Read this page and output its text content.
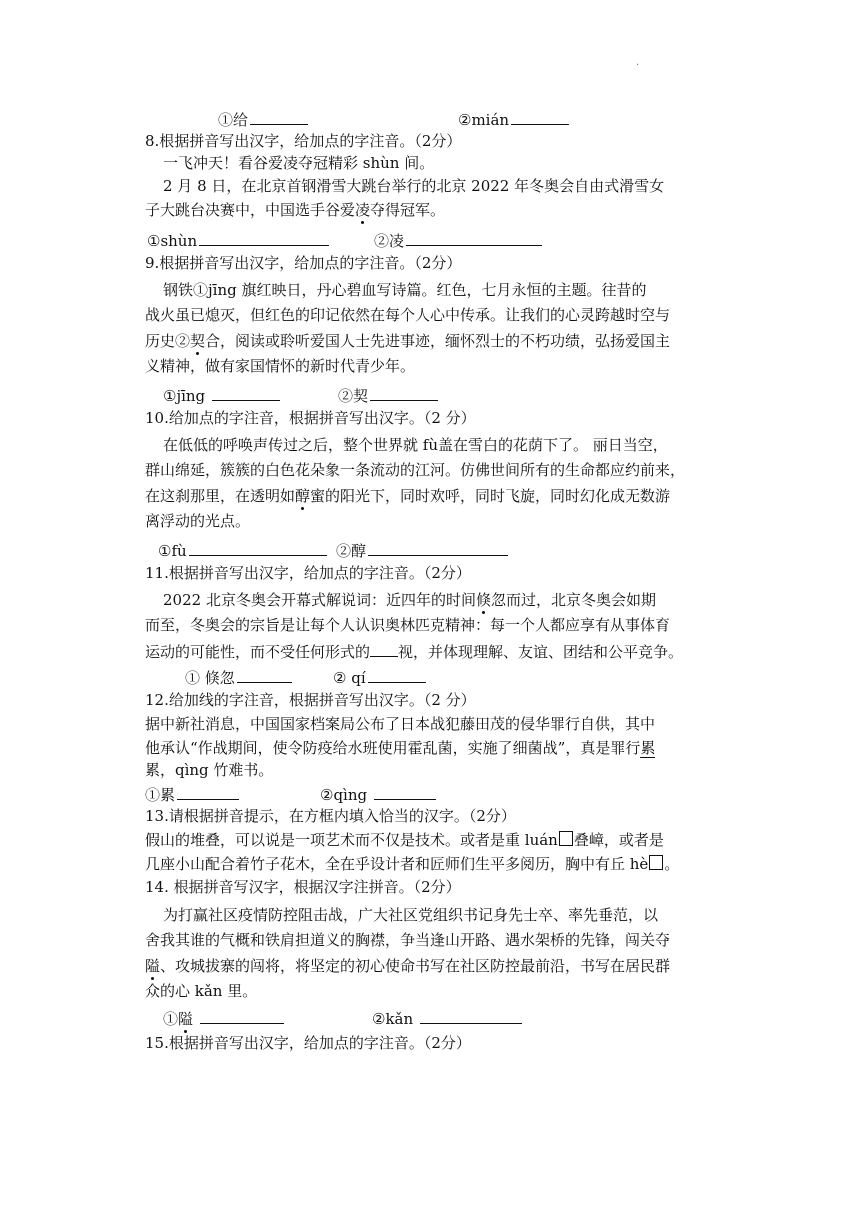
·
①给	②mián
8.根据拼音写出汉字，给加点的字注音。（2分）
一飞冲天！看谷爱凌夺冠精彩 shùn 间。
2 月 8 日，在北京首钢滑雪大跳台举行的北京 2022 年冬奥会自由式滑雪女
子大跳台决赛中，中国选手谷爱凌夺得冠军。
①shùn	②凌
9.根据拼音写出汉字，给加点的字注音。（2分）
钢铁①jīng 旗红映日，丹心碧血写诗篇。红色，七月永恒的主题。往昔的
战火虽已熄灭，但红色的印记依然在每个人心中传承。让我们的心灵跨越时空与
历史②契合，阅读或聆听爱国人士先进事迹，缅怀烈士的不朽功绩，弘扬爱国主
义精神，做有家国情怀的新时代青少年。
①jīng	②契
10.给加点的字注音，根据拼音写出汉字。（2 分）
在低低的呼唤声传过之后，整个世界就 fù盖在雪白的花荫下了。 丽日当空，
群山绵延，簇簇的白色花朵象一条流动的江河。仿佛世间所有的生命都应约前来，
在这刹那里，在透明如醇蜜的阳光下，同时欢呼，同时飞旋，同时幻化成无数游
离浮动的光点。
①fù	②醇
11.根据拼音写出汉字，给加点的字注音。（2分）
2022 北京冬奥会开幕式解说词：近四年的时间倏忽而过，北京冬奥会如期
而至，冬奥会的宗旨是让每个人认识奥林匹克精神：每一个人都应享有从事体育
运动的可能性，而不受任何形式的 视，并体现理解、友谊、团结和公平竞争。
① 倏忽	② qí
12.给加线的字注音，根据拼音写出汉字。（2 分）
据中新社消息，中国国家档案局公布了日本战犯藤田茂的侵华罪行自供，其中
他承认“作战期间，使令防疫给水班使用霍乱菌，实施了细菌战”，真是罪行累
累，qìng 竹难书。
①累	②qìng
13.请根据拼音提示，在方框内填入恰当的汉字。（2分）
假山的堆叠，可以说是一项艺术而不仅是技术。或者是重 luán 叠嶂，或者是
几座小山配合着竹子花木，全在乎设计者和匠师们生平多阅历，胸中有丘 hè 。
14. 根据拼音写汉字，根据汉字注拼音。（2分）
为打赢社区疫情防控阻击战，广大社区党组织书记身先士卒、率先垂范，以
舍我其谁的气概和铁肩担道义的胸襟，争当逢山开路、遇水架桥的先锋，闯关夺
隘、攻城拔寨的闯将，将坚定的初心使命书写在社区防控最前沿，书写在居民群
众的心 kǎn 里。
①隘	②kǎn
15.根据拼音写出汉字，给加点的字注音。（2分）
